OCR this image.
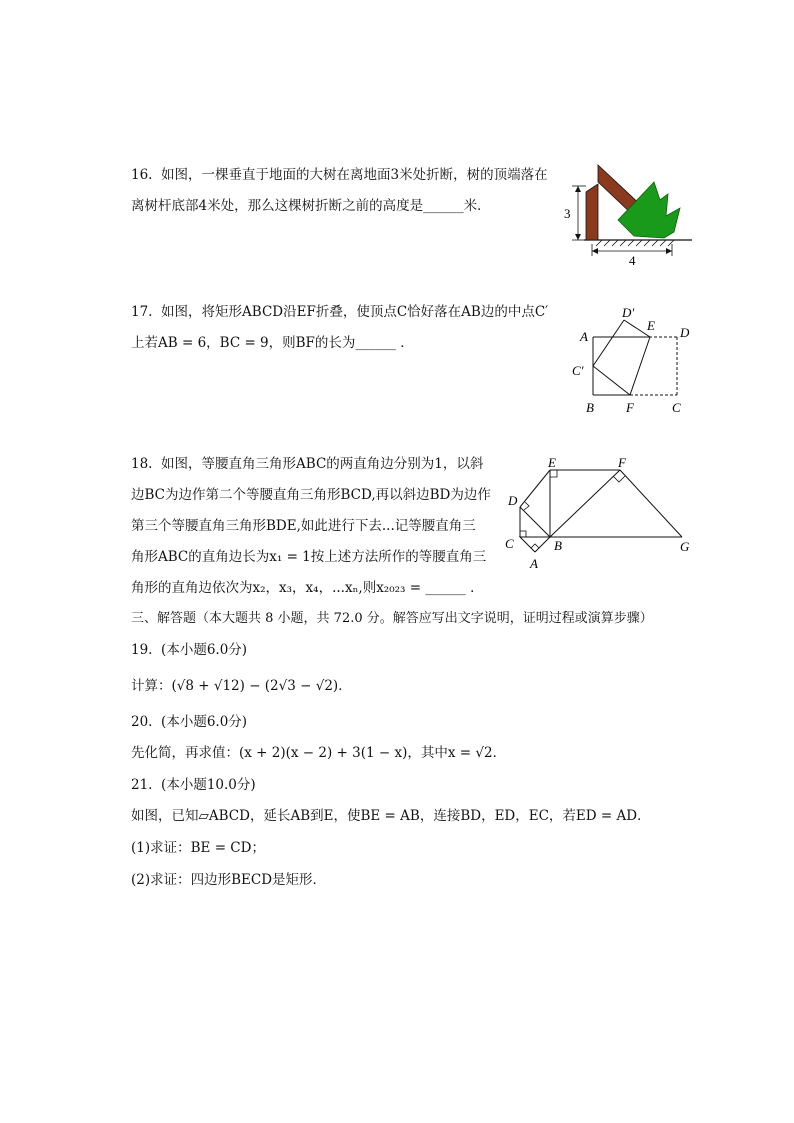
16.  如图，一棵垂直于地面的大树在离地面3米处折断，树的顶端落在
离树杆底部4米处，那么这棵树折断之前的高度是______米．	3
4
17.  如图，将矩形ABCD沿EF折叠，使顶点C恰好落在AB边的中点C′
上若AB = 6，BC = 9，则BF的长为______ ．	A
B F	C
D
E
C′
D′
18.  如图，等腰直角三角形ABC的两直角边分别为1，以斜
边BC为边作第二个等腰直角三角形BCD,再以斜边BD为边作
第三个等腰直角三角形BDE,如此进行下去...记等腰直角三
角形ABC的直角边长为x₁ = 1按上述方法所作的等腰直角三
角形的直角边依次为x₂，x₃，x₄，...xₙ,则x₂₀₂₃ = ______ ．
A
B
C
D
E	F
G
三、解答题（本大题共 8 小题，共 72.0 分。解答应写出文字说明，证明过程或演算步骤）
19.  (本小题6.0分)
计算：(√8 + √12) − (2√3 − √2)．
20.  (本小题6.0分)
先化简，再求值：(x + 2)(x − 2) + 3(1 − x)，其中x = √2．
21.  (本小题10.0分)
如图，已知▱ABCD，延长AB到E，使BE = AB，连接BD，ED，EC，若ED = AD．
(1)求证：BE = CD；
(2)求证：四边形BECD是矩形．
